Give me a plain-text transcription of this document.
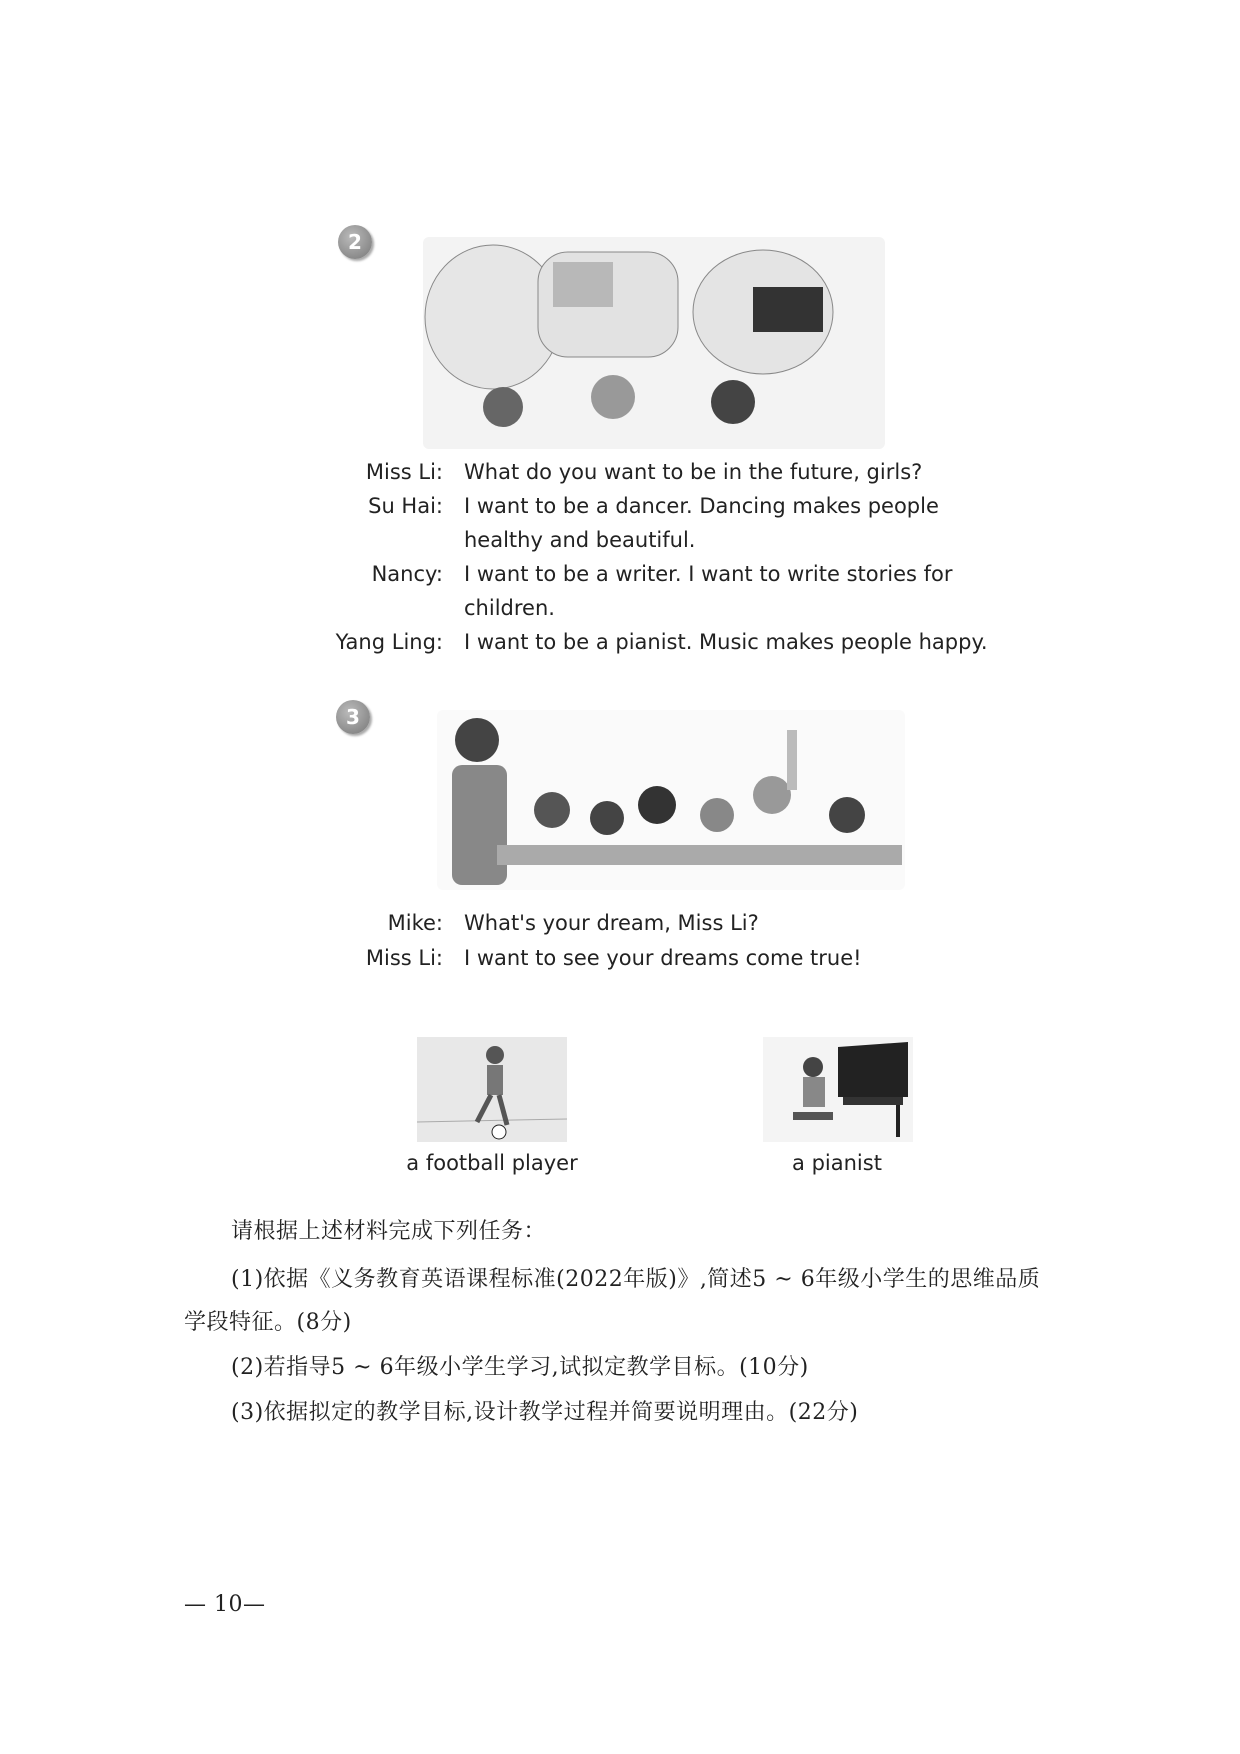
2
Miss Li: What do you want to be in the future, girls?
Su Hai: I want to be a dancer. Dancing makes people
healthy and beautiful.
Nancy: I want to be a writer. I want to write stories for
children.
Yang Ling: I want to be a pianist. Music makes people happy.
3
Mike: What's your dream, Miss Li?
Miss Li: I want to see your dreams come true!
a football player	a pianist
请根据上述材料完成下列任务：
(1)依据《义务教育英语课程标准(2022年版)》,简述5 ~ 6年级小学生的思维品质
学段特征。(8分)
(2)若指导5 ~ 6年级小学生学习,试拟定教学目标。(10分)
(3)依据拟定的教学目标,设计教学过程并简要说明理由。(22分)
— 10—
